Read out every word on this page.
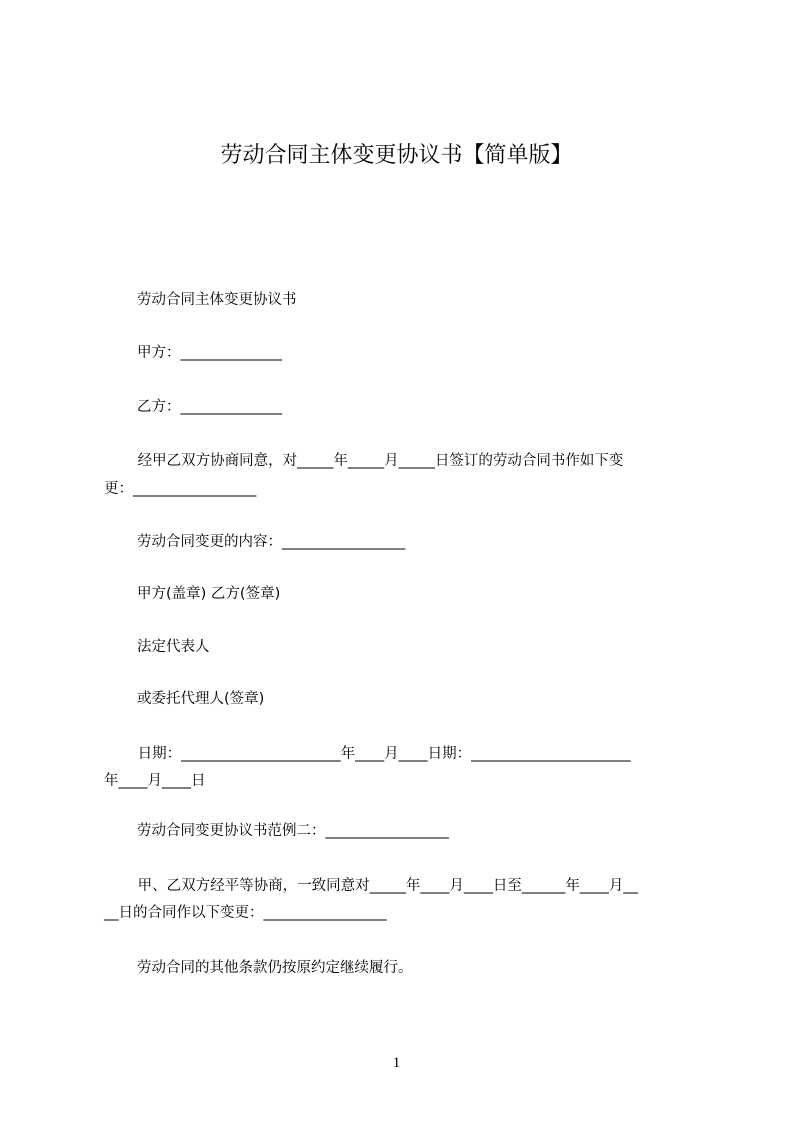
劳动合同主体变更协议书【简单版】
劳动合同主体变更协议书
甲方：______________
乙方：______________
经甲乙双方协商同意，对_____年_____月_____日签订的劳动合同书作如下变
更：_________________
劳动合同变更的内容：_________________
甲方(盖章) 乙方(签章)
法定代表人
或委托代理人(签章)
日期：______________________年____月____日期：______________________
年____月____日
劳动合同变更协议书范例二：_________________
甲、乙双方经平等协商，一致同意对_____年____月____日至______年____月__
__日的合同作以下变更：_________________
劳动合同的其他条款仍按原约定继续履行。
1
